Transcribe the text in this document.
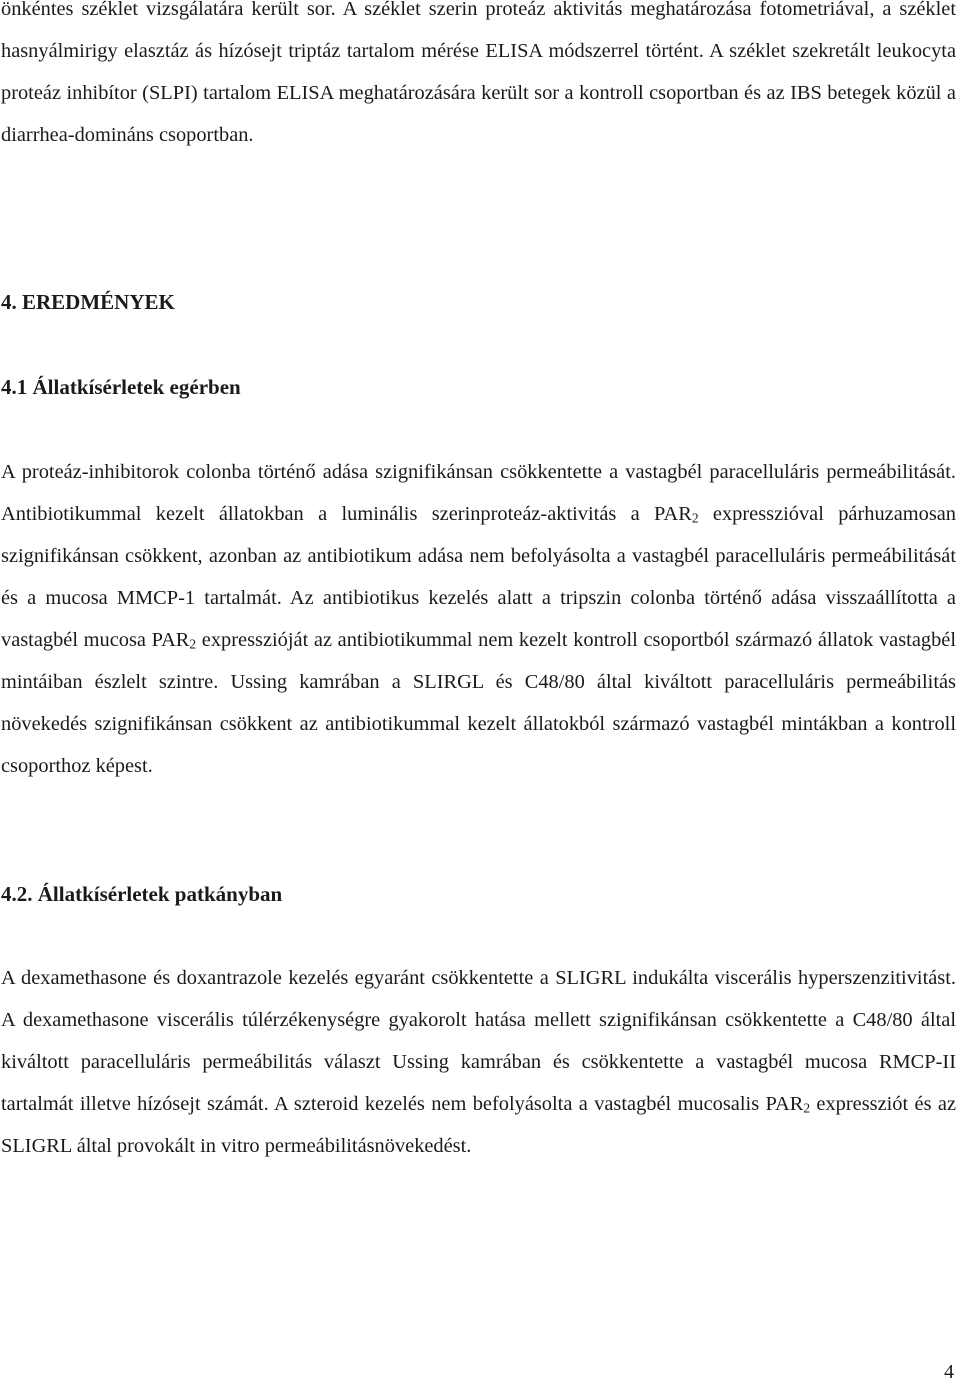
önkéntes széklet vizsgálatára került sor. A széklet szerin proteáz aktivitás meghatározása fotometriával, a széklet hasnyálmirigy elasztáz ás hízósejt triptáz tartalom mérése ELISA módszerrel történt. A széklet szekretált leukocyta proteáz inhibítor (SLPI) tartalom ELISA meghatározására került sor a kontroll csoportban és az IBS betegek közül a diarrhea-domináns csoportban.

4. EREDMÉNYEK
4.1 Állatkísérletek egérben

A proteáz-inhibitorok colonba történő adása szignifikánsan csökkentette a vastagbél paracelluláris permeábilitását. Antibiotikummal kezelt állatokban a luminális szerinproteáz-aktivitás a $PAR_2$ expresszióval párhuzamosan szignifikánsan csökkent, azonban az antibiotikum adása nem befolyásolta a vastagbél paracelluláris permeábilitását és a mucosa MMCP-1 tartalmát. Az antibiotikus kezelés alatt a tripszin colonba történő adása visszaállította a vastagbél mucosa $PAR_2$ expresszióját az antibiotikummal nem kezelt kontroll csoportból származó állatok vastagbél mintáiban észlelt szintre. Ussing kamrában a SLIRGL és C48/80 által kiváltott paracelluláris permeábilitás növekedés szignifikánsan csökkent az antibiotikummal kezelt állatokból származó vastagbél mintákban a kontroll csoporthoz képest.

4.2. Állatkísérletek patkányban

A dexamethasone és doxantrazole kezelés egyaránt csökkentette a SLIGRL indukálta viscerális hyperszenzitivitást. A dexamethasone viscerális túlérzékenységre gyakorolt hatása mellett szignifikánsan csökkentette a C48/80 által kiváltott paracelluláris permeábilitás választ Ussing kamrában és csökkentette a vastagbél mucosa RMCP-II tartalmát illetve hízósejt számát. A szteroid kezelés nem befolyásolta a vastagbél mucosalis $PAR_2$ expressziót és az SLIGRL által provokált in vitro permeábilitásnövekedést.

4
